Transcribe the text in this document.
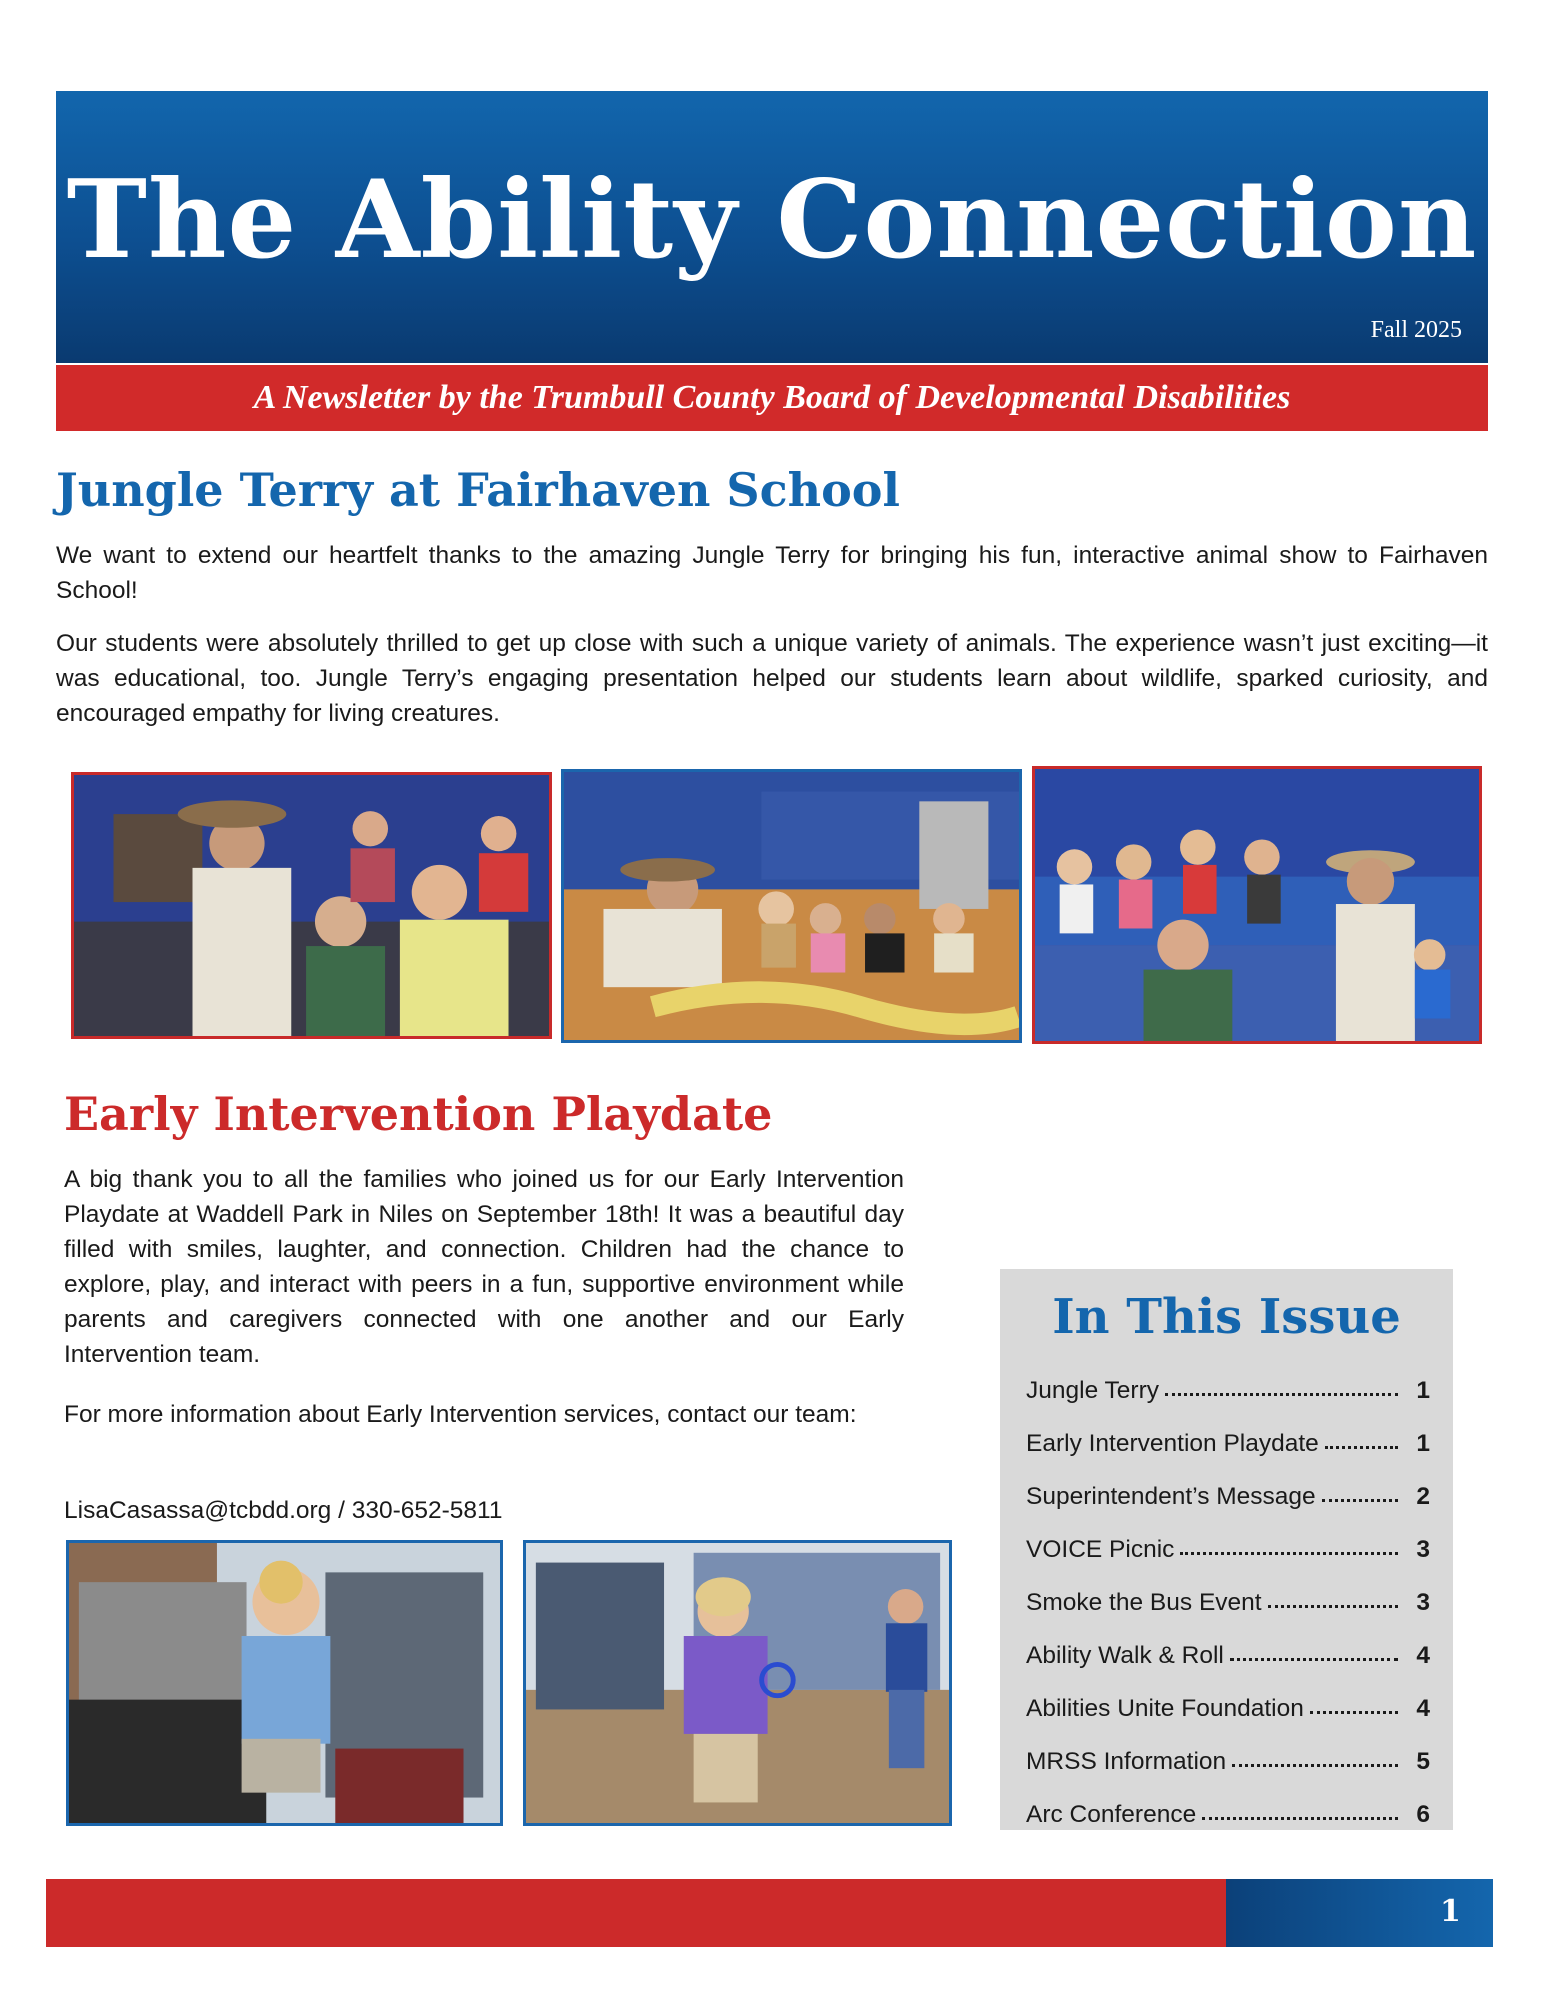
The Ability Connection
Fall 2025
A Newsletter by the Trumbull County Board of Developmental Disabilities
Jungle Terry at Fairhaven School

We want to extend our heartfelt thanks to the amazing Jungle Terry for bringing his fun, interactive animal show to Fairhaven School!

Our students were absolutely thrilled to get up close with such a unique variety of animals. The experience wasn’t just exciting—it was educational, too. Jungle Terry’s engaging presentation helped our students learn about wildlife, sparked curiosity, and encouraged empathy for living creatures.

Early Intervention Playdate

A big thank you to all the families who joined us for our Early Intervention Playdate at Waddell Park in Niles on September 18th! It was a beautiful day filled with smiles, laughter, and connection. Children had the chance to explore, play, and interact with peers in a fun, supportive environment while parents and caregivers connected with one another and our Early Intervention team.

For more information about Early Intervention services, contact our team:

LisaCasassa@tcbdd.org / 330-652-5811

In This Issue
Jungle Terry	1
Early Intervention Playdate	1
Superintendent’s Message	2
VOICE Picnic	3
Smoke the Bus Event	3
Ability Walk & Roll	4
Abilities Unite Foundation	4
MRSS Information	5
Arc Conference	6
1
